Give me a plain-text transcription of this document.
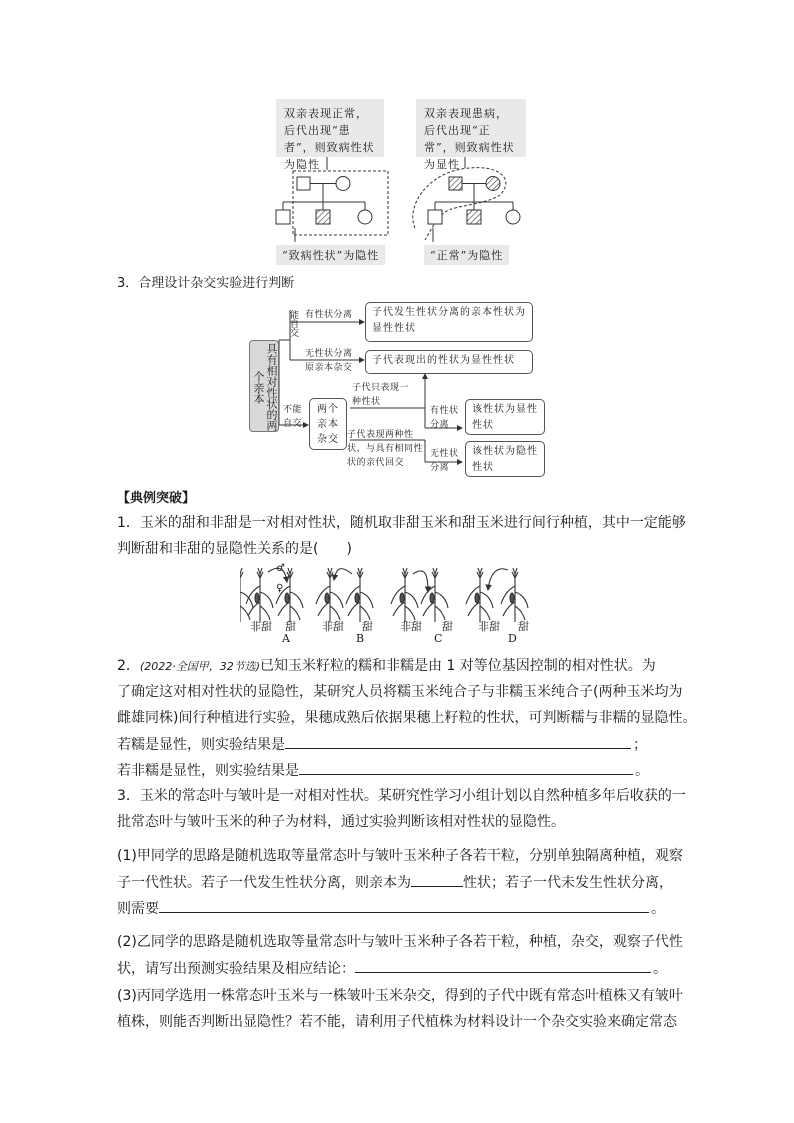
双亲表现正常，后代出现“患者”，则致病性状为隐性
双亲表现患病，后代出现“正常”，则致病性状为显性
“致病性状”为隐性	“正常”为隐性
3．合理设计杂交实验进行判断
具有相对性状的两个亲本
能自交
不能自交
有性状分离
无性状分离
原亲本杂交
子代发生性状分离的亲本性状为显性性状
子代表现出的性状为显性性状
两个亲本杂交
子代只表现一种性状
子代表现两种性状，与具有相同性状的亲代回交
有性状分离
无性状分离
该性状为显性性状
该性状为隐性性状
【典例突破】
1．玉米的甜和非甜是一对相对性状，随机取非甜玉米和甜玉米进行间行种植，其中一定能够
判断甜和非甜的显隐性关系的是(　　)
♂
♀
非甜 甜 非甜 甜 非甜 甜 非甜 甜
A	B	C	D
2．(2022·全国甲，32节选)已知玉米籽粒的糯和非糯是由 1 对等位基因控制的相对性状。为
了确定这对相对性状的显隐性，某研究人员将糯玉米纯合子与非糯玉米纯合子(两种玉米均为
雌雄同株)间行种植进行实验，果穗成熟后依据果穗上籽粒的性状，可判断糯与非糯的显隐性。
若糯是显性，则实验结果是	；
若非糯是显性，则实验结果是	。
3．玉米的常态叶与皱叶是一对相对性状。某研究性学习小组计划以自然种植多年后收获的一
批常态叶与皱叶玉米的种子为材料，通过实验判断该相对性状的显隐性。
(1)甲同学的思路是随机选取等量常态叶与皱叶玉米种子各若干粒，分别单独隔离种植，观察
子一代性状。若子一代发生性状分离，则亲本为	性状；若子一代未发生性状分离，
则需要	。
(2)乙同学的思路是随机选取等量常态叶与皱叶玉米种子各若干粒，种植，杂交，观察子代性
状，请写出预测实验结果及相应结论：	。
(3)丙同学选用一株常态叶玉米与一株皱叶玉米杂交，得到的子代中既有常态叶植株又有皱叶
植株，则能否判断出显隐性？若不能，请利用子代植株为材料设计一个杂交实验来确定常态
